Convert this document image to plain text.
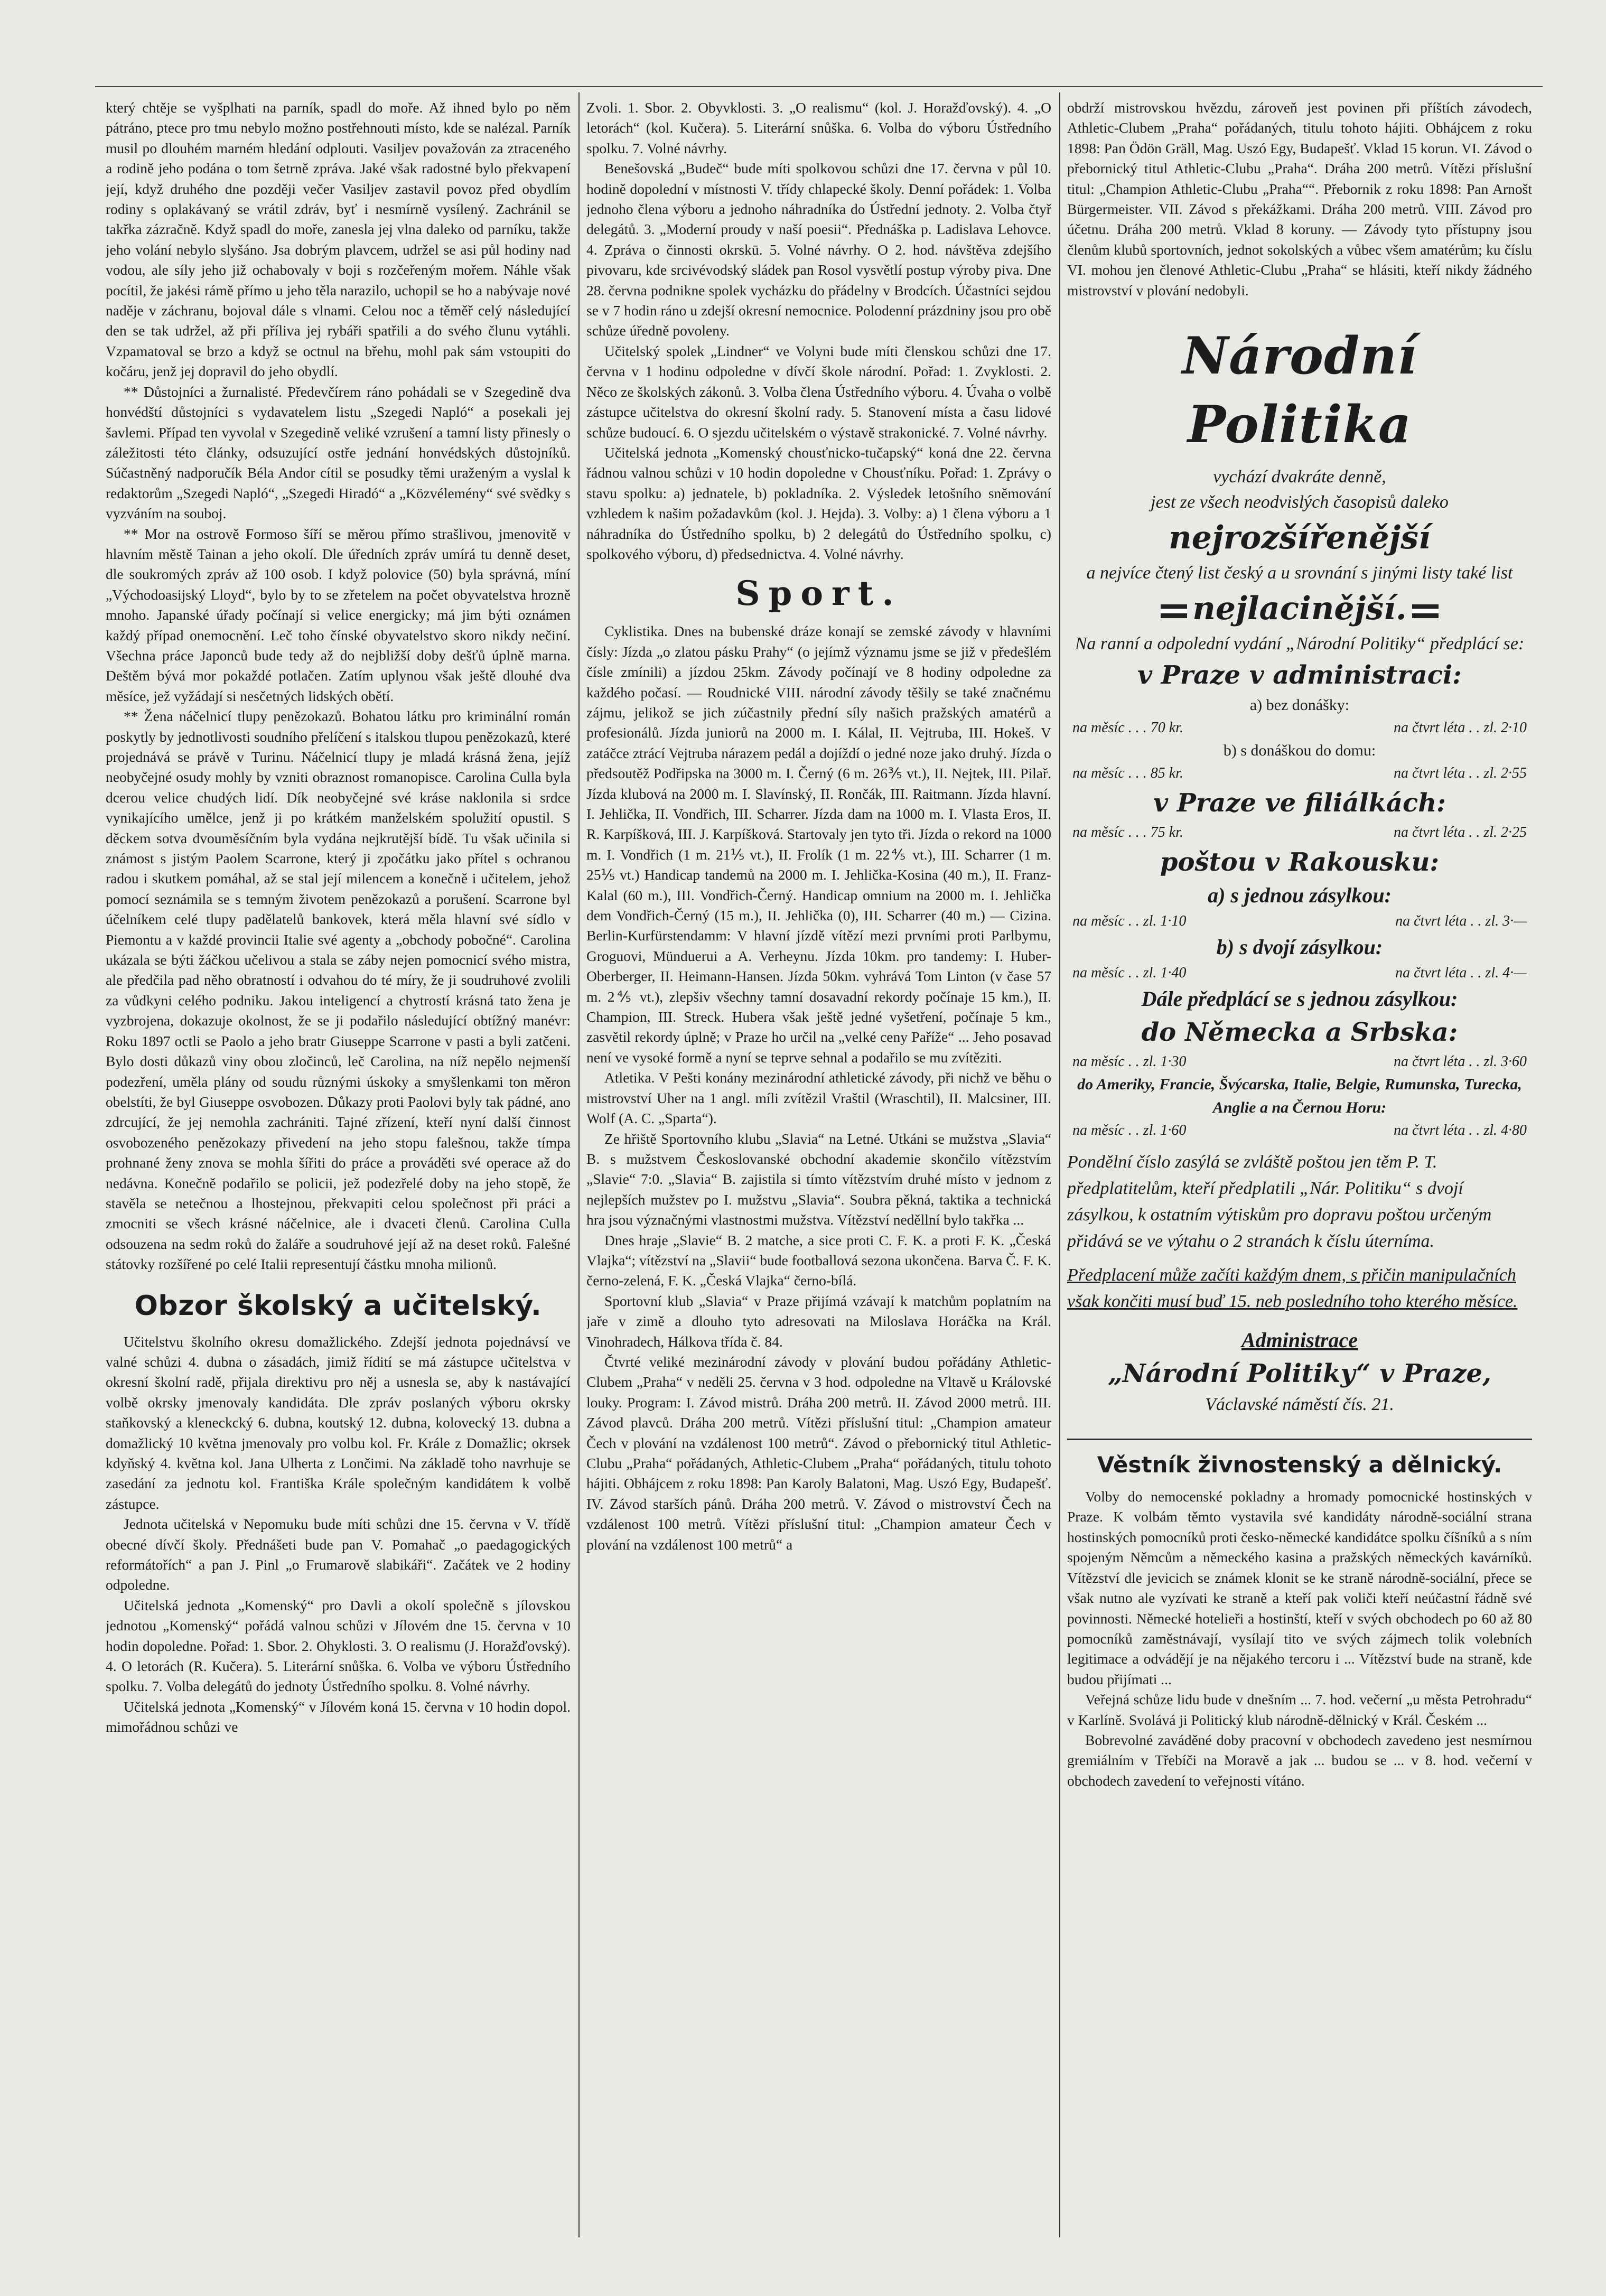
který chtěje se vyšplhati na parník, spadl do moře. Až ihned bylo po něm pátráno, ptece pro tmu nebylo možno postřehnouti místo, kde se nalézal. Parník musil po dlouhém marném hledání odplouti. Vasiljev považován za ztraceného a rodině jeho podána o tom šetrně zpráva. Jaké však radostné bylo překvapení její, když druhého dne později večer Vasiljev zastavil povoz před obydlím rodiny s oplakávaný se vrátil zdráv, byť i nesmírně vysílený. Zachránil se takřka zázračně. Když spadl do moře, zanesla jej vlna daleko od parníku, takže jeho volání nebylo slyšáno. Jsa dobrým plavcem, udržel se asi půl hodiny nad vodou, ale síly jeho již ochabovaly v boji s rozčeřeným mořem. Náhle však pocítil, že jakési rámě přímo u jeho těla narazilo, uchopil se ho a nabývaje nové naděje v záchranu, bojoval dále s vlnami. Celou noc a těměř celý následující den se tak udržel, až při příliva jej rybáři spatřili a do svého člunu vytáhli. Vzpamatoval se brzo a když se octnul na břehu, mohl pak sám vstoupiti do kočáru, jenž jej dopravil do jeho obydlí.

** Důstojníci a žurnalisté. Předevčírem ráno pohádali se v Szegedině dva honvédští důstojníci s vydavatelem listu „Szegedi Napló“ a posekali jej šavlemi. Případ ten vyvolal v Szegedině veliké vzrušení a tamní listy přinesly o záležitosti této články, odsuzující ostře jednání honvédských důstojníků. Súčastněný nadporučík Béla Andor cítil se posudky těmi uraženým a vyslal k redaktorům „Szegedi Napló“, „Szegedi Hiradó“ a „Közvélemény“ své svědky s vyzváním na souboj.

** Mor na ostrově Formoso šíří se měrou přímo strašlivou, jmenovitě v hlavním městě Tainan a jeho okolí. Dle úředních zpráv umírá tu denně deset, dle soukromých zpráv až 100 osob. I když polovice (50) byla správná, míní „Východoasijský Lloyd“, bylo by to se zřetelem na počet obyvatelstva hrozně mnoho. Japanské úřady počínají si velice energicky; má jim býti oznámen každý případ onemocnění. Leč toho čínské obyvatelstvo skoro nikdy nečiní. Všechna práce Japonců bude tedy až do nejbližší doby dešťů úplně marna. Deštěm bývá mor pokaždé potlačen. Zatím uplynou však ještě dlouhé dva měsíce, jež vyžádají si nesčetných lidských obětí.

** Žena náčelnicí tlupy penězokazů. Bohatou látku pro kriminální román poskytly by jednotlivosti soudního přelíčení s italskou tlupou penězokazů, které projednává se právě v Turinu. Náčelnicí tlupy je mladá krásná žena, jejíž neobyčejné osudy mohly by vzniti obraznost romanopisce. Carolina Culla byla dcerou velice chudých lidí. Dík neobyčejné své kráse naklonila si srdce vynikajícího umělce, jenž ji po krátkém manželském spolužití opustil. S děckem sotva dvouměsíčním byla vydána nejkrutější bídě. Tu však učinila si známost s jistým Paolem Scarrone, který ji zpočátku jako přítel s ochranou radou i skutkem pomáhal, až se stal její milencem a konečně i učitelem, jehož pomocí seznámila se s temným životem penězokazů a porušení. Scarrone byl účelníkem celé tlupy padělatelů bankovek, která měla hlavní své sídlo v Piemontu a v každé provincii Italie své agenty a „obchody pobočné“. Carolina ukázala se býti žáčkou učelivou a stala se záby nejen pomocnicí svého mistra, ale předčila pad něho obratností i odvahou do té míry, že ji soudruhové zvolili za vůdkyni celého podniku. Jakou inteligencí a chytrostí krásná tato žena je vyzbrojena, dokazuje okolnost, že se ji podařilo následující obtížný manévr: Roku 1897 octli se Paolo a jeho bratr Giuseppe Scarrone v pasti a byli zatčeni. Bylo dosti důkazů viny obou zločinců, leč Carolina, na níž nepělo nejmenší podezření, uměla plány od soudu různými úskoky a smyšlenkami ton měron obelstíti, že byl Giuseppe osvobozen. Důkazy proti Paolovi byly tak pádné, ano zdrcující, že jej nemohla zachrániti. Tajné zřízení, kteří nyní další činnost osvobozeného penězokazy přivedení na jeho stopu falešnou, takže tímpa prohnané ženy znova se mohla šířiti do práce a prováděti své operace až do nedávna. Konečně podařilo se policii, jež podezřelé doby na jeho stopě, že stavěla se netečnou a lhostejnou, překvapiti celou společnost při práci a zmocniti se všech krásné náčelnice, ale i dvaceti členů. Carolina Culla odsouzena na sedm roků do žaláře a soudruhové její až na deset roků. Falešné státovky rozšířené po celé Italii representují částku mnoha milionů.

Obzor školský a učitelský.

Učitelstvu školního okresu domažlického. Zdejší jednota pojednávsí ve valné schůzi 4. dubna o zásadách, jimiž řídití se má zástupce učitelstva v okresní školní radě, přijala direktivu pro něj a usnesla se, aby k nastávající volbě okrsky jmenovaly kandidáta. Dle zpráv poslaných výboru okrsky staňkovský a kleneckcký 6. dubna, koutský 12. dubna, kolovecký 13. dubna a domažlický 10 května jmenovaly pro volbu kol. Fr. Krále z Domažlic; okrsek kdyňský 4. května kol. Jana Ulherta z Lončimi. Na základě toho navrhuje se zasedání za jednotu kol. Františka Krále společným kandidátem k volbě zástupce.

Jednota učitelská v Nepomuku bude míti schůzi dne 15. června v V. třídě obecné dívčí školy. Přednášeti bude pan V. Pomahač „o paedagogických reformátořích“ a pan J. Pinl „o Frumarově slabikáři“. Začátek ve 2 hodiny odpoledne.

Učitelská jednota „Komenský“ pro Davli a okolí společně s jílovskou jednotou „Komenský“ pořádá valnou schůzi v Jílovém dne 15. června v 10 hodin dopoledne. Pořad: 1. Sbor. 2. Ohyklosti. 3. O realismu (J. Horažďovský). 4. O letorách (R. Kučera). 5. Literární snůška. 6. Volba ve výboru Ústředního spolku. 7. Volba delegátů do jednoty Ústředního spolku. 8. Volné návrhy.

Učitelská jednota „Komenský“ v Jílovém koná 15. června v 10 hodin dopol. mimořádnou schůzi ve

Zvoli. 1. Sbor. 2. Obyvklosti. 3. „O realismu“ (kol. J. Horažďovský). 4. „O letorách“ (kol. Kučera). 5. Literární snůška. 6. Volba do výboru Ústředního spolku. 7. Volné návrhy.

Benešovská „Budeč“ bude míti spolkovou schůzi dne 17. června v půl 10. hodině dopolední v místnosti V. třídy chlapecké školy. Denní pořádek: 1. Volba jednoho člena výboru a jednoho náhradníka do Ústřední jednoty. 2. Volba čtyř delegátů. 3. „Moderní proudy v naší poesii“. Přednáška p. Ladislava Lehovce. 4. Zpráva o činnosti okrskū. 5. Volné návrhy. O 2. hod. návštěva zdejšího pivovaru, kde srcivévodský sládek pan Rosol vysvětlí postup výroby piva. Dne 28. června podnikne spolek vycházku do přádelny v Brodcích. Účastníci sejdou se v 7 hodin ráno u zdejší okresní nemocnice. Polodenní prázdniny jsou pro obě schůze úředně povoleny.

Učitelský spolek „Lindner“ ve Volyni bude míti členskou schůzi dne 17. června v 1 hodinu odpoledne v dívčí škole národní. Pořad: 1. Zvyklosti. 2. Něco ze školských zákonů. 3. Volba člena Ústředního výboru. 4. Úvaha o volbě zástupce učitelstva do okresní školní rady. 5. Stanovení místa a času lidové schůze budoucí. 6. O sjezdu učitelském o výstavě strakonické. 7. Volné návrhy.

Učitelská jednota „Komenský chousťnicko-tučapský“ koná dne 22. června řádnou valnou schůzi v 10 hodin dopoledne v Chousťníku. Pořad: 1. Zprávy o stavu spolku: a) jednatele, b) pokladníka. 2. Výsledek letošního sněmování vzhledem k našim požadavkům (kol. J. Hejda). 3. Volby: a) 1 člena výboru a 1 náhradníka do Ústředního spolku, b) 2 delegátů do Ústředního spolku, c) spolkového výboru, d) předsednictva. 4. Volné návrhy.

Sport.

Cyklistika. Dnes na bubenské dráze konají se zemské závody v hlavními čísly: Jízda „o zlatou pásku Prahy“ (o jejímž významu jsme se již v předešlém čísle zmínili) a jízdou 25km. Závody počínají ve 8 hodiny odpoledne za každého počasí. — Roudnické VIII. národní závody těšily se také značnému zájmu, jelikož se jich zúčastnily přední síly našich pražských amatérů a profesionálů. Jízda juniorů na 2000 m. I. Kálal, II. Vejtruba, III. Hokeš. V zatáčce ztrácí Vejtruba nárazem pedál a dojíždí o jedné noze jako druhý. Jízda o předsoutěž Podřipska na 3000 m. I. Černý (6 m. 26⅗ vt.), II. Nejtek, III. Pilař. Jízda klubová na 2000 m. I. Slavínský, II. Rončák, III. Raitmann. Jízda hlavní. I. Jehlička, II. Vondřich, III. Scharrer. Jízda dam na 1000 m. I. Vlasta Eros, II. R. Karpíšková, III. J. Karpíšková. Startovaly jen tyto tři. Jízda o rekord na 1000 m. I. Vondřich (1 m. 21⅕ vt.), II. Frolík (1 m. 22⅘ vt.), III. Scharrer (1 m. 25⅕ vt.) Handicap tandemů na 2000 m. I. Jehlička-Kosina (40 m.), II. Franz-Kalal (60 m.), III. Vondřich-Černý. Handicap omnium na 2000 m. I. Jehlička dem Vondřich-Černý (15 m.), II. Jehlička (0), III. Scharrer (40 m.) — Cizina. Berlin-Kurfürstendamm: V hlavní jízdě vítězí mezi prvními proti Parlbymu, Groguovi, Münduerui a A. Verheynu. Jízda 10km. pro tandemy: I. Huber-Oberberger, II. Heimann-Hansen. Jízda 50km. vyhrává Tom Linton (v čase 57 m. 2⅘ vt.), zlepšiv všechny tamní dosavadní rekordy počínaje 15 km.), II. Champion, III. Streck. Hubera však ještě jedné vyšetření, počínaje 5 km., zasvětil rekordy úplně; v Praze ho určil na „velké ceny Paříže“ ... Jeho posavad není ve vysoké formě a nyní se teprve sehnal a podařilo se mu zvítěziti.

Atletika. V Pešti konány mezinárodní athletické závody, při nichž ve běhu o mistrovství Uher na 1 angl. míli zvítězil Vraštil (Wraschtil), II. Malcsiner, III. Wolf (A. C. „Sparta“).

Ze hřiště Sportovního klubu „Slavia“ na Letné. Utkáni se mužstva „Slavia“ B. s mužstvem Českoslovanské obchodní akademie skončilo vítězstvím „Slavie“ 7:0. „Slavia“ B. zajistila si tímto vítězstvím druhé místo v jednom z nejlepších mužstev po I. mužstvu „Slavia“. Soubra pěkná, taktika a technická hra jsou význačnými vlastnostmi mužstva. Vítězství neděllní bylo takřka ...

Dnes hraje „Slavie“ B. 2 matche, a sice proti C. F. K. a proti F. K. „Česká Vlajka“; vítězství na „Slavii“ bude footballová sezona ukončena. Barva Č. F. K. černo-zelená, F. K. „Česká Vlajka“ černo-bílá.

Sportovní klub „Slavia“ v Praze přijímá vzávají k matchům poplatním na jaře v zimě a dlouho tyto adresovati na Miloslava Horáčka na Král. Vinohradech, Hálkova třída č. 84.

Čtvrté veliké mezinárodní závody v plování budou pořádány Athletic-Clubem „Praha“ v neděli 25. června v 3 hod. odpoledne na Vltavě u Královské louky. Program: I. Závod mistrů. Dráha 200 metrů. II. Závod 2000 metrů. III. Závod plavců. Dráha 200 metrů. Vítězi příslušní titul: „Champion amateur Čech v plování na vzdálenost 100 metrů“. Závod o přebornický titul Athletic-Clubu „Praha“ pořádaných, Athletic-Clubem „Praha“ pořádaných, titulu tohoto hájiti. Obhájcem z roku 1898: Pan Karoly Balatoni, Mag. Uszó Egy, Budapešť. IV. Závod starších pánů. Dráha 200 metrů. V. Závod o mistrovství Čech na vzdálenost 100 metrů. Vítězi příslušní titul: „Champion amateur Čech v plování na vzdálenost 100 metrů“ a

obdrží mistrovskou hvězdu, zároveň jest povinen při příštích závodech, Athletic-Clubem „Praha“ pořádaných, titulu tohoto hájiti. Obhájcem z roku 1898: Pan Ödön Gräll, Mag. Uszó Egy, Budapešť. Vklad 15 korun. VI. Závod o přebornický titul Athletic-Clubu „Praha“. Dráha 200 metrů. Vítězi příslušní titul: „Champion Athletic-Clubu „Praha““. Přebornik z roku 1898: Pan Arnošt Bürgermeister. VII. Závod s překážkami. Dráha 200 metrů. VIII. Závod pro účetnu. Dráha 200 metrů. Vklad 8 koruny. — Závody tyto přístupny jsou členům klubů sportovních, jednot sokolských a vůbec všem amatérům; ku číslu VI. mohou jen členové Athletic-Clubu „Praha“ se hlásiti, kteří nikdy žádného mistrovství v plování nedobyli.

Národní Politika
vychází dvakráte denně,
jest ze všech neodvislých časopisů daleko
nejrozšířenější
a nejvíce čtený list český a u srovnání s jinými listy také list
nejlacinější.
Na ranní a odpolední vydání „Národní Politiky“ předplácí se:
v Praze v administraci:
a) bez donášky:
na měsíc . . . 70 kr.	na čtvrt léta . . zl. 2·10
b) s donáškou do domu:
na měsíc . . . 85 kr.	na čtvrt léta . . zl. 2·55
v Praze ve filiálkách:
na měsíc . . . 75 kr.	na čtvrt léta . . zl. 2·25
poštou v Rakousku:
a) s jednou zásylkou:
na měsíc . . zl. 1·10	na čtvrt léta . . zl. 3·—
b) s dvojí zásylkou:
na měsíc . . zl. 1·40	na čtvrt léta . . zl. 4·—
Dále předplácí se s jednou zásylkou:
do Německa a Srbska:
na měsíc . . zl. 1·30	na čtvrt léta . . zl. 3·60
do Ameriky, Francie, Švýcarska, Italie, Belgie, Rumunska, Turecka, Anglie a na Černou Horu:
na měsíc . . zl. 1·60	na čtvrt léta . . zl. 4·80
Pondělní číslo zasýlá se zvláště poštou jen těm P. T. předplatitelům, kteří předplatili „Nár. Politiku“ s dvojí zásylkou, k ostatním výtiskům pro dopravu poštou určeným přidává se ve výtahu o 2 stranách k číslu úterníma.
Předplacení může začíti každým dnem, s přičin manipulačních však končiti musí buď 15. neb posledního toho kterého měsíce.
Administrace
„Národní Politiky“ v Praze,
Václavské náměstí čís. 21.
Věstník živnostenský a dělnický.

Volby do nemocenské pokladny a hromady pomocnické hostinských v Praze. K volbám těmto vystavila své kandidáty národně-sociální strana hostinských pomocníků proti česko-německé kandidátce spolku číšníků a s ním spojeným Němcům a německého kasina a pražských německých kavárníků. Vítězství dle jevicich se známek klonit se ke straně národně-sociální, přece se však nutno ale vyzívati ke straně a kteří pak voliči kteří neúčastní řádně své povinnosti. Německé hotelieři a hostinští, kteří v svých obchodech po 60 až 80 pomocníků zaměstnávají, vysílají tito ve svých zájmech tolik volebních legitimace a odvádějí je na nějakého tercoru i ... Vítězství bude na straně, kde budou přijímati ...

Veřejná schůze lidu bude v dnešním ... 7. hod. večerní „u města Petrohradu“ v Karlíně. Svolává ji Politický klub národně-dělnický v Král. Českém ...

Bobrevolné zaváděné doby pracovní v obchodech zavedeno jest nesmírnou gremiálním v Třebíči na Moravě a jak ... budou se ... v 8. hod. večerní v obchodech zavedení to veřejnosti vítáno.
